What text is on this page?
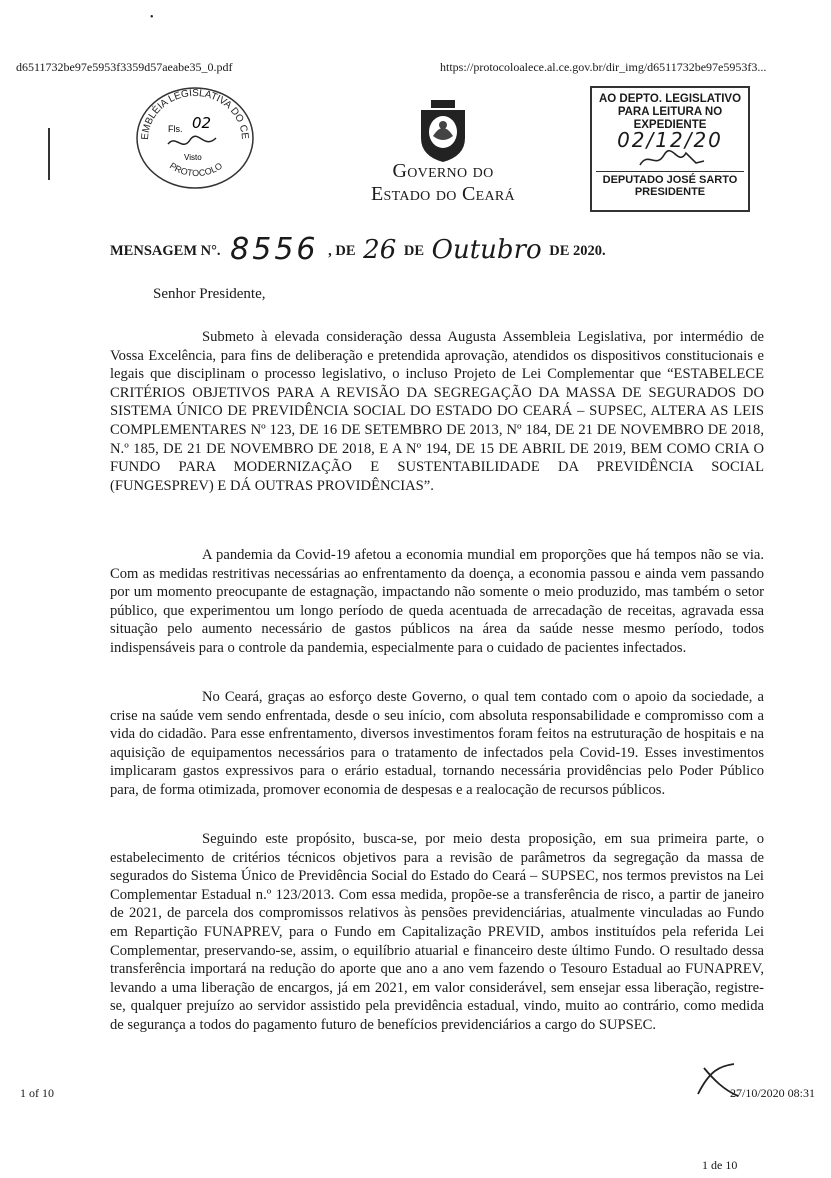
d6511732be97e5953f3359d57aeabe35_0.pdf	https://protocoloalece.al.ce.gov.br/dir_img/d6511732be97e5953f3...
EMBLÉIA LEGISLATIVA DO CE
PROTOCOLO
Fls. 02
Visto
Governo do
Estado do Ceará
AO DEPTO. LEGISLATIVO
PARA LEITURA NO EXPEDIENTE
02/12/20
DEPUTADO JOSÉ SARTO
PRESIDENTE
MENSAGEM N°. 8556 , DE 26 DE Outubro DE 2020.
Senhor Presidente,
Submeto à elevada consideração dessa Augusta Assembleia Legislativa, por intermédio de Vossa Excelência, para fins de deliberação e pretendida aprovação, atendidos os dispositivos constitucionais e legais que disciplinam o processo legislativo, o incluso Projeto de Lei Complementar que “ESTABELECE CRITÉRIOS OBJETIVOS PARA A REVISÃO DA SEGREGAÇÃO DA MASSA DE SEGURADOS DO SISTEMA ÚNICO DE PREVIDÊNCIA SOCIAL DO ESTADO DO CEARÁ – SUPSEC, ALTERA AS LEIS COMPLEMENTARES Nº 123, DE 16 DE SETEMBRO DE 2013, Nº 184, DE 21 DE NOVEMBRO DE 2018, N.º 185, DE 21 DE NOVEMBRO DE 2018, E A Nº 194, DE 15 DE ABRIL DE 2019, BEM COMO CRIA O FUNDO PARA MODERNIZAÇÃO E SUSTENTABILIDADE DA PREVIDÊNCIA SOCIAL (FUNGESPREV) E DÁ OUTRAS PROVIDÊNCIAS”.
A pandemia da Covid-19 afetou a economia mundial em proporções que há tempos não se via. Com as medidas restritivas necessárias ao enfrentamento da doença, a economia passou e ainda vem passando por um momento preocupante de estagnação, impactando não somente o meio produzido, mas também o setor público, que experimentou um longo período de queda acentuada de arrecadação de receitas, agravada essa situação pelo aumento necessário de gastos públicos na área da saúde nesse mesmo período, todos indispensáveis para o controle da pandemia, especialmente para o cuidado de pacientes infectados.
No Ceará, graças ao esforço deste Governo, o qual tem contado com o apoio da sociedade, a crise na saúde vem sendo enfrentada, desde o seu início, com absoluta responsabilidade e compromisso com a vida do cidadão. Para esse enfrentamento, diversos investimentos foram feitos na estruturação de hospitais e na aquisição de equipamentos necessários para o tratamento de infectados pela Covid-19. Esses investimentos implicaram gastos expressivos para o erário estadual, tornando necessária providências pelo Poder Público para, de forma otimizada, promover economia de despesas e a realocação de recursos públicos.
Seguindo este propósito, busca-se, por meio desta proposição, em sua primeira parte, o estabelecimento de critérios técnicos objetivos para a revisão de parâmetros da segregação da massa de segurados do Sistema Único de Previdência Social do Estado do Ceará – SUPSEC, nos termos previstos na Lei Complementar Estadual n.º 123/2013. Com essa medida, propõe-se a transferência de risco, a partir de janeiro de 2021, de parcela dos compromissos relativos às pensões previdenciárias, atualmente vinculadas ao Fundo em Repartição FUNAPREV, para o Fundo em Capitalização PREVID, ambos instituídos pela referida Lei Complementar, preservando-se, assim, o equilíbrio atuarial e financeiro deste último Fundo. O resultado dessa transferência importará na redução do aporte que ano a ano vem fazendo o Tesouro Estadual ao FUNAPREV, levando a uma liberação de encargos, já em 2021, em valor considerável, sem ensejar essa liberação, registre-se, qualquer prejuízo ao servidor assistido pela previdência estadual, vindo, muito ao contrário, como medida de segurança a todos do pagamento futuro de benefícios previdenciários a cargo do SUPSEC.
•
1 of 10	27/10/2020 08:31
1 de 10
